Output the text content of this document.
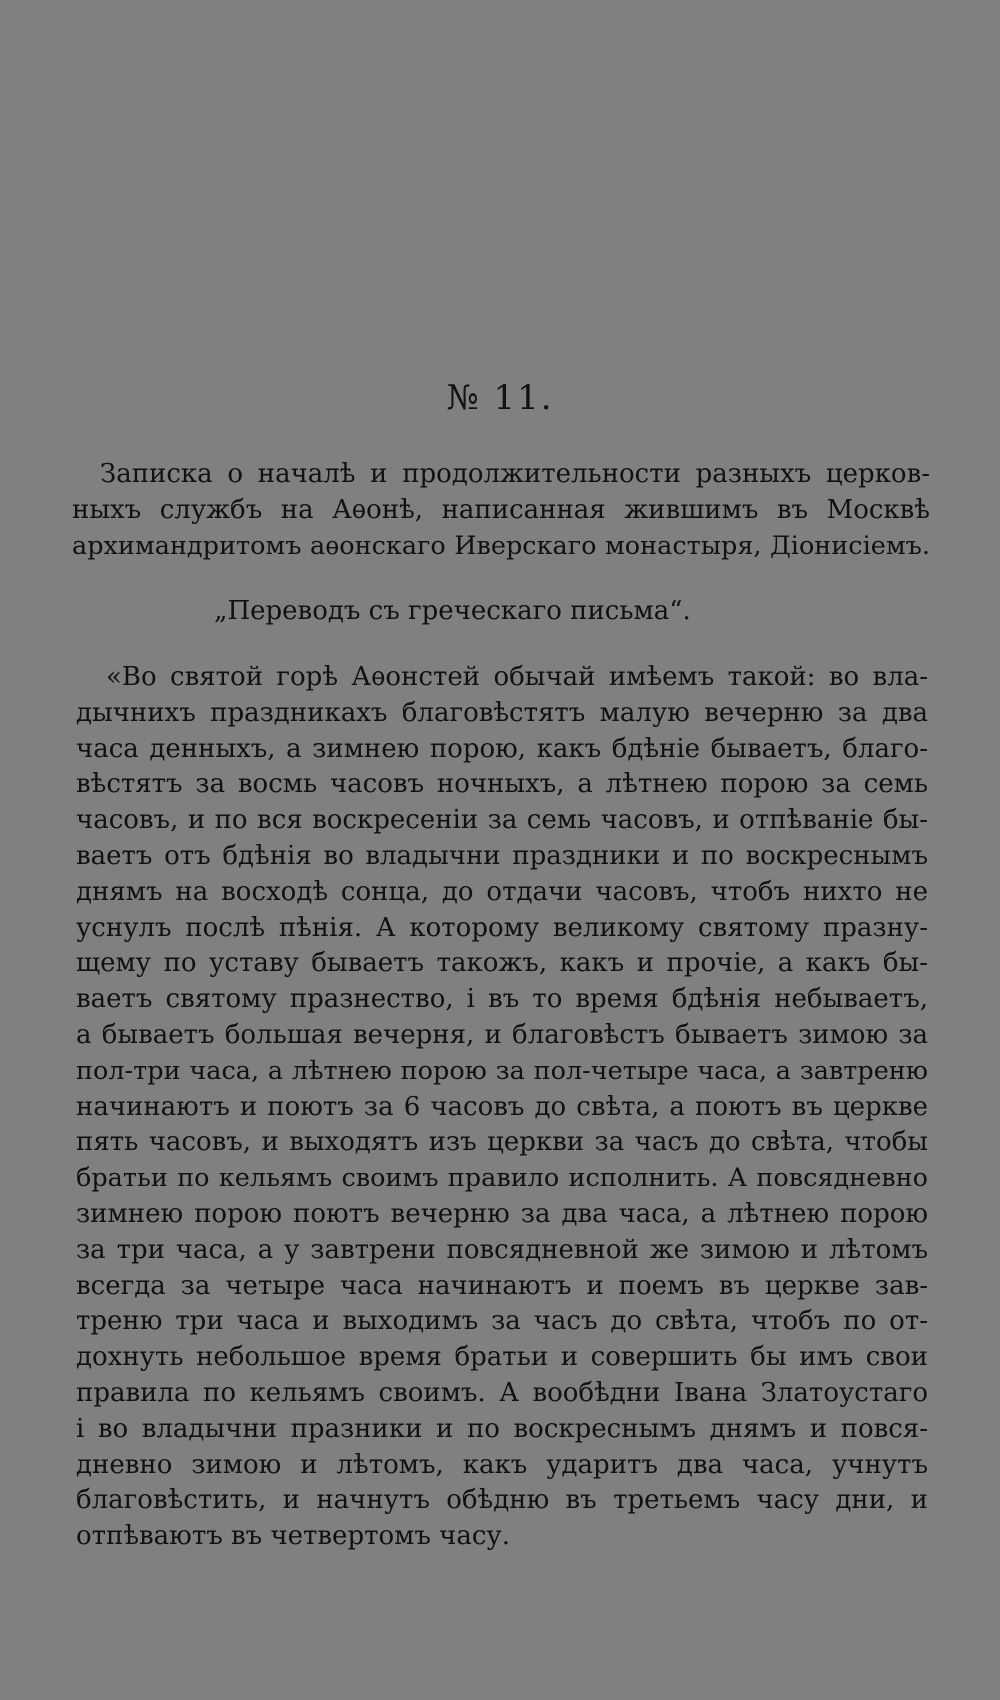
№ 11.
Записка о началѣ и продолжительности разныхъ церков-
ныхъ службъ на Аѳонѣ, написанная жившимъ въ Москвѣ
архимандритомъ аѳонскаго Иверскаго монастыря, Діонисіемъ.
„Переводъ съ греческаго письма“.
«Во святой горѣ Аѳонстей обычай имѣемъ такой: во вла-
дычнихъ праздникахъ благовѣстятъ малую вечерню за два
часа денныхъ, а зимнею порою, какъ бдѣніе бываетъ, благо-
вѣстятъ за восмь часовъ ночныхъ, а лѣтнею порою за семь
часовъ, и по вся воскресеніи за семь часовъ, и отпѣваніе бы-
ваетъ отъ бдѣнія во владычни праздники и по воскреснымъ
днямъ на восходѣ сонца, до отдачи часовъ, чтобъ нихто не
уснулъ послѣ пѣнія. А которому великому святому празну-
щему по уставу бываетъ такожъ, какъ и прочіе, а какъ бы-
ваетъ святому празнество, і въ то время бдѣнія небываетъ,
а бываетъ большая вечерня, и благовѣстъ бываетъ зимою за
пол-три часа, а лѣтнею порою за пол-четыре часа, а завтреню
начинаютъ и поютъ за 6 часовъ до свѣта, а поютъ въ церкве
пять часовъ, и выходятъ изъ церкви за часъ до свѣта, чтобы
братьи по кельямъ своимъ правило исполнить. А повсядневно
зимнею порою поютъ вечерню за два часа, а лѣтнею порою
за три часа, а у завтрени повсядневной же зимою и лѣтомъ
всегда за четыре часа начинаютъ и поемъ въ церкве зав-
треню три часа и выходимъ за часъ до свѣта, чтобъ по от-
дохнуть небольшое время братьи и совершить бы имъ свои
правила по кельямъ своимъ. А вообѣдни Івана Златоустаго
і во владычни празники и по воскреснымъ днямъ и повся-
дневно зимою и лѣтомъ, какъ ударитъ два часа, учнутъ
благовѣстить, и начнутъ обѣдню въ третьемъ часу дни, и
отпѣваютъ въ четвертомъ часу.
